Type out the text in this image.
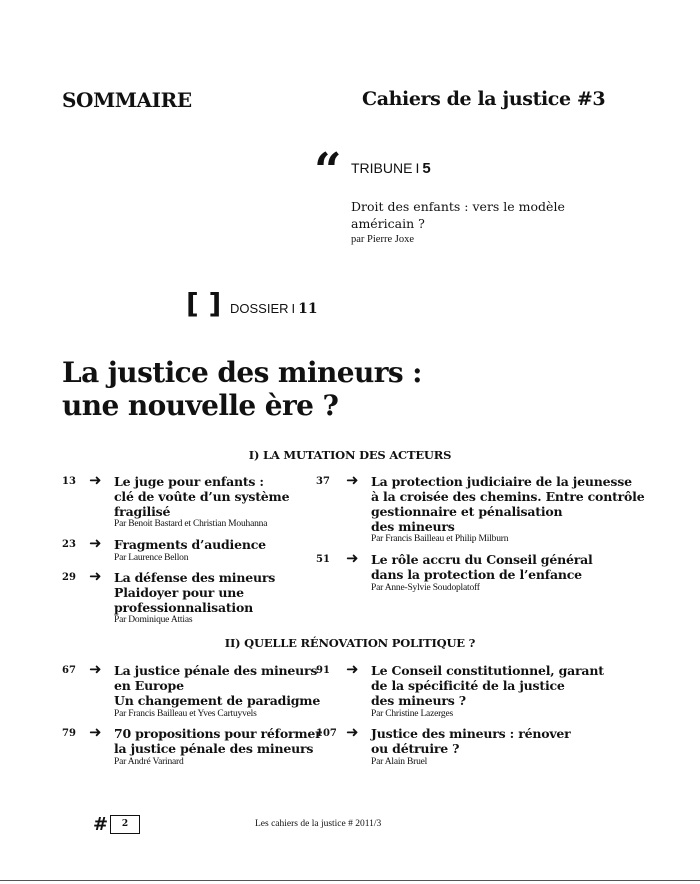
SOMMAIRE	Cahiers de la justice #3
“ TRIBUNE I 5
Droit des enfants : vers le modèle américain ?
par Pierre Joxe
[ ] DOSSIER I 11
La justice des mineurs :
une nouvelle ère ?
I) LA MUTATION DES ACTEURS
13 ➜ Le juge pour enfants :
clé de voûte d’un système
fragilisé
Par Benoit Bastard et Christian Mouhanna
23 ➜ Fragments d’audience
Par Laurence Bellon
29 ➜ La défense des mineurs
Plaidoyer pour une
professionnalisation
Par Dominique Attias
37 ➜ La protection judiciaire de la jeunesse
à la croisée des chemins. Entre contrôle
gestionnaire et pénalisation
des mineurs
Par Francis Bailleau et Philip Milburn
51 ➜ Le rôle accru du Conseil général
dans la protection de l’enfance
Par Anne-Sylvie Soudoplatoff
II) QUELLE RÉNOVATION POLITIQUE ?
67 ➜ La justice pénale des mineurs
en Europe
Un changement de paradigme
Par Francis Bailleau et Yves Cartuyvels
79 ➜ 70 propositions pour réformer
la justice pénale des mineurs
Par André Varinard
91 ➜ Le Conseil constitutionnel, garant
de la spécificité de la justice
des mineurs ?
Par Christine Lazerges
107 ➜ Justice des mineurs : rénover
ou détruire ?
Par Alain Bruel
#	2	Les cahiers de la justice # 2011/3
